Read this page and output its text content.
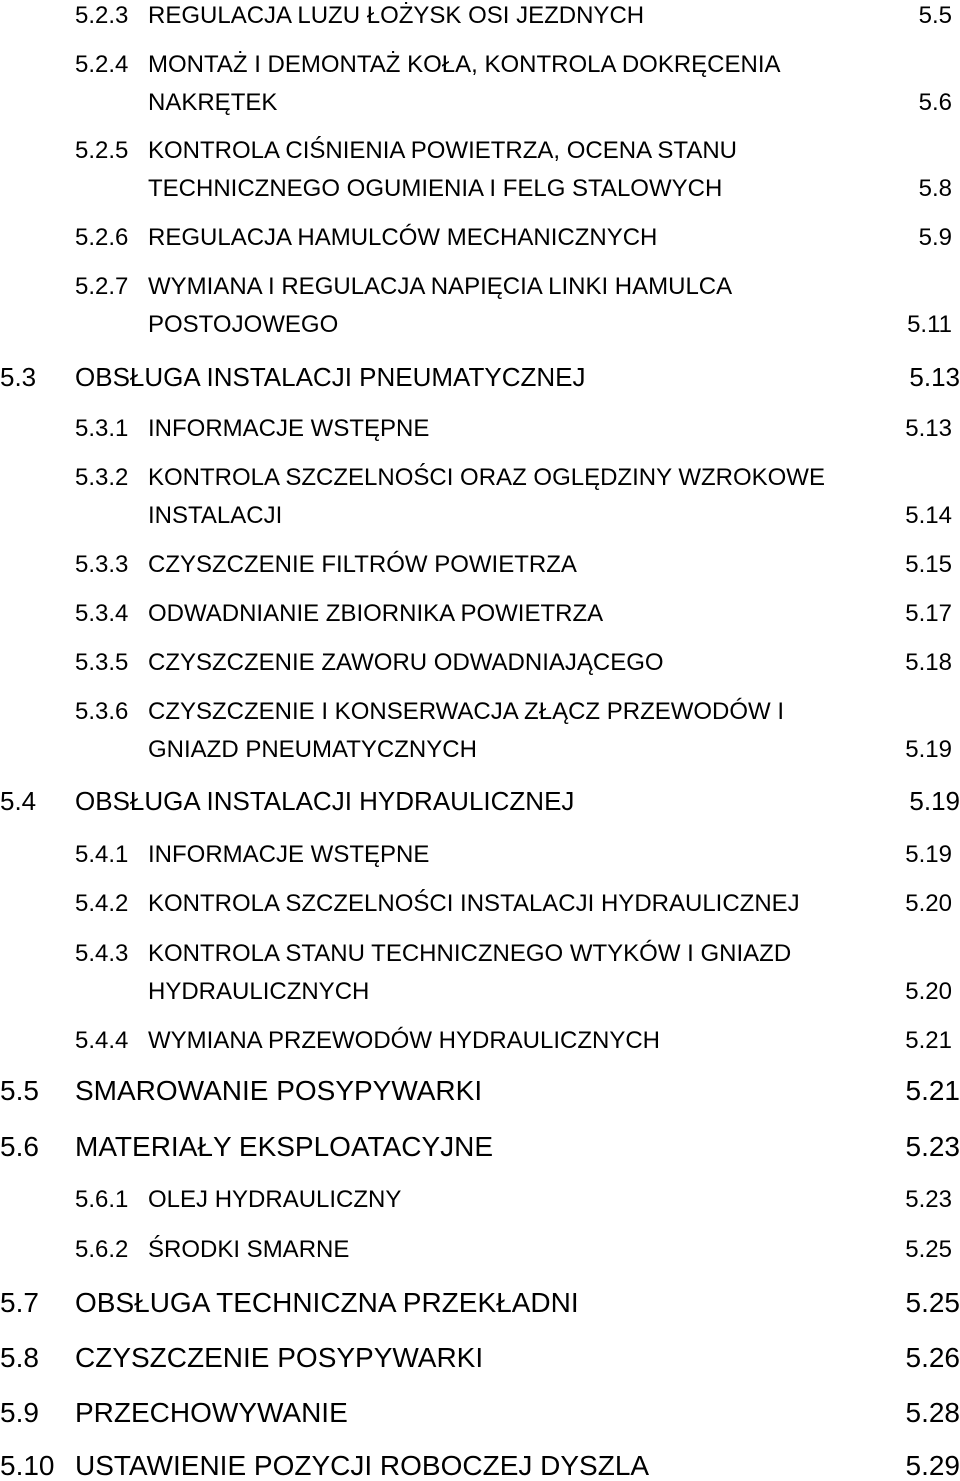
5.2.3 REGULACJA LUZU ŁOŻYSK OSI JEZDNYCH	5.5
5.2.4 MONTAŻ I DEMONTAŻ KOŁA, KONTROLA DOKRĘCENIA
NAKRĘTEK	5.6
5.2.5 KONTROLA CIŚNIENIA POWIETRZA, OCENA STANU
TECHNICZNEGO OGUMIENIA I FELG STALOWYCH	5.8
5.2.6 REGULACJA HAMULCÓW MECHANICZNYCH	5.9
5.2.7 WYMIANA I REGULACJA NAPIĘCIA LINKI HAMULCA
POSTOJOWEGO	5.11
5.3 OBSŁUGA INSTALACJI PNEUMATYCZNEJ	5.13
5.3.1 INFORMACJE WSTĘPNE	5.13
5.3.2 KONTROLA SZCZELNOŚCI ORAZ OGLĘDZINY WZROKOWE
INSTALACJI	5.14
5.3.3 CZYSZCZENIE FILTRÓW POWIETRZA	5.15
5.3.4 ODWADNIANIE ZBIORNIKA POWIETRZA	5.17
5.3.5 CZYSZCZENIE ZAWORU ODWADNIAJĄCEGO	5.18
5.3.6 CZYSZCZENIE I KONSERWACJA ZŁĄCZ PRZEWODÓW I
GNIAZD PNEUMATYCZNYCH	5.19
5.4 OBSŁUGA INSTALACJI HYDRAULICZNEJ	5.19
5.4.1 INFORMACJE WSTĘPNE	5.19
5.4.2 KONTROLA SZCZELNOŚCI INSTALACJI HYDRAULICZNEJ	5.20
5.4.3 KONTROLA STANU TECHNICZNEGO WTYKÓW I GNIAZD
HYDRAULICZNYCH	5.20
5.4.4 WYMIANA PRZEWODÓW HYDRAULICZNYCH	5.21
5.5 SMAROWANIE POSYPYWARKI	5.21
5.6 MATERIAŁY EKSPLOATACYJNE	5.23
5.6.1 OLEJ HYDRAULICZNY	5.23
5.6.2 ŚRODKI SMARNE	5.25
5.7 OBSŁUGA TECHNICZNA PRZEKŁADNI	5.25
5.8 CZYSZCZENIE POSYPYWARKI	5.26
5.9 PRZECHOWYWANIE	5.28
5.10 USTAWIENIE POZYCJI ROBOCZEJ DYSZLA	5.29
